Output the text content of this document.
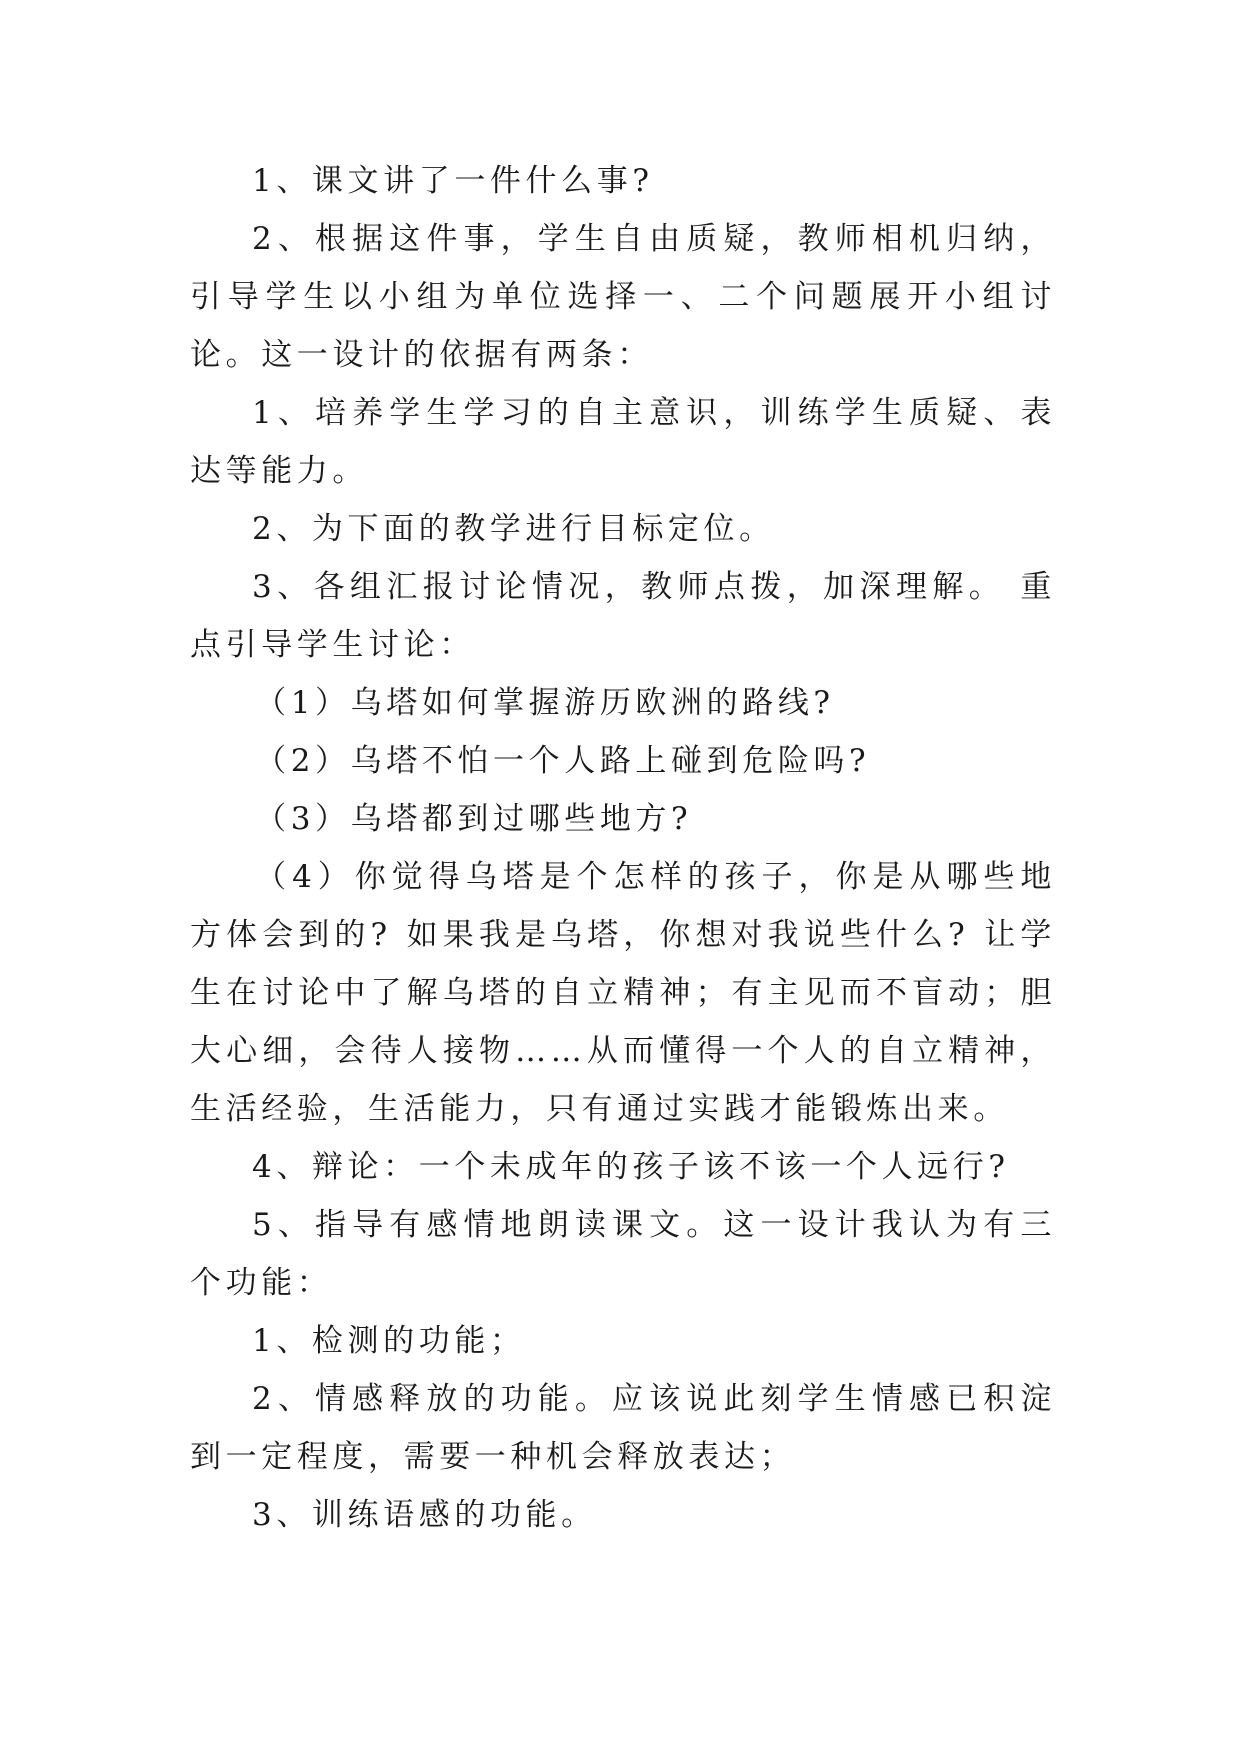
1、课文讲了一件什么事?

2、根据这件事，学生自由质疑，教师相机归纳，引导学生以小组为单位选择一、二个问题展开小组讨论。这一设计的依据有两条：

1、培养学生学习的自主意识，训练学生质疑、表达等能力。

2、为下面的教学进行目标定位。

3、各组汇报讨论情况，教师点拨，加深理解。 重点引导学生讨论：

（1）乌塔如何掌握游历欧洲的路线?

（2）乌塔不怕一个人路上碰到危险吗?

（3）乌塔都到过哪些地方?

（4）你觉得乌塔是个怎样的孩子，你是从哪些地方体会到的? 如果我是乌塔，你想对我说些什么? 让学生在讨论中了解乌塔的自立精神；有主见而不盲动；胆大心细，会待人接物……从而懂得一个人的自立精神，生活经验，生活能力，只有通过实践才能锻炼出来。

4、辩论：一个未成年的孩子该不该一个人远行?

5、指导有感情地朗读课文。这一设计我认为有三个功能：

1、检测的功能；

2、情感释放的功能。应该说此刻学生情感已积淀到一定程度，需要一种机会释放表达；

3、训练语感的功能。
